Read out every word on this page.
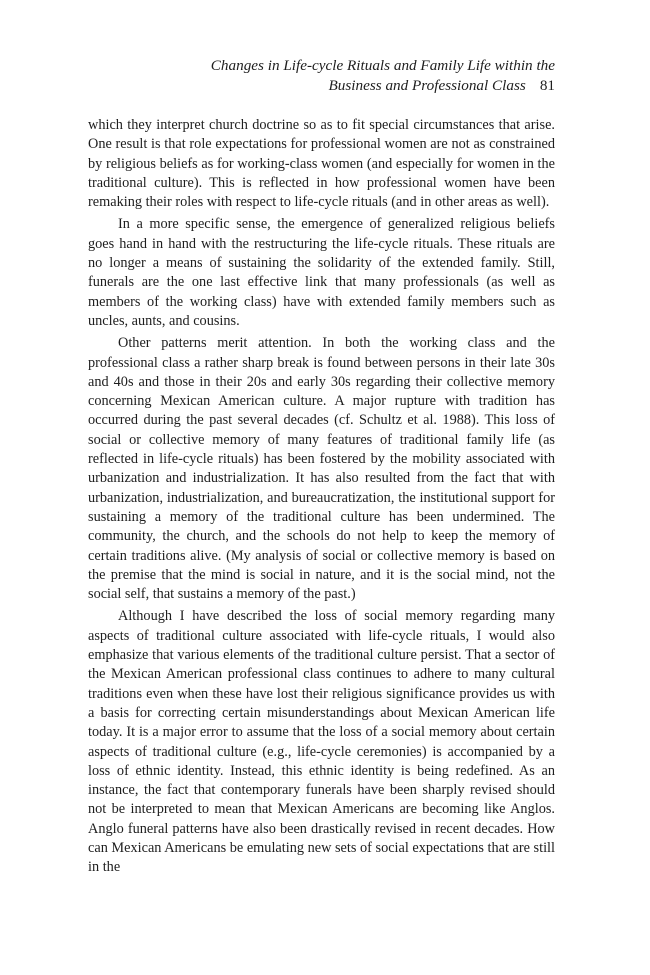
Changes in Life-cycle Rituals and Family Life within the
Business and Professional Class 81

which they interpret church doctrine so as to fit special circumstances that arise. One result is that role expectations for professional women are not as constrained by religious beliefs as for working-class women (and especially for women in the traditional culture). This is reflected in how professional women have been remaking their roles with respect to life-cycle rituals (and in other areas as well).

In a more specific sense, the emergence of generalized religious beliefs goes hand in hand with the restructuring the life-cycle rituals. These rituals are no longer a means of sustaining the solidarity of the extended family. Still, funerals are the one last effective link that many professionals (as well as members of the working class) have with extended family members such as uncles, aunts, and cousins.

Other patterns merit attention. In both the working class and the professional class a rather sharp break is found between persons in their late 30s and 40s and those in their 20s and early 30s regarding their collective memory concerning Mexican American culture. A major rupture with tradition has occurred during the past several decades (cf. Schultz et al. 1988). This loss of social or collective memory of many features of traditional family life (as reflected in life-cycle rituals) has been fostered by the mobility associated with urbanization and industrialization. It has also resulted from the fact that with urbanization, industrialization, and bureaucratization, the institutional support for sustaining a memory of the traditional culture has been undermined. The community, the church, and the schools do not help to keep the memory of certain traditions alive. (My analysis of social or collective memory is based on the premise that the mind is social in nature, and it is the social mind, not the social self, that sustains a memory of the past.)

Although I have described the loss of social memory regarding many aspects of traditional culture associated with life-cycle rituals, I would also emphasize that various elements of the traditional culture persist. That a sector of the Mexican American professional class continues to adhere to many cultural traditions even when these have lost their religious significance provides us with a basis for correcting certain misunderstandings about Mexican American life today. It is a major error to assume that the loss of a social memory about certain aspects of traditional culture (e.g., life-cycle ceremonies) is accompanied by a loss of ethnic identity. Instead, this ethnic identity is being redefined. As an instance, the fact that contemporary funerals have been sharply revised should not be interpreted to mean that Mexican Americans are becoming like Anglos. Anglo funeral patterns have also been drastically revised in recent decades. How can Mexican Americans be emulating new sets of social expectations that are still in the
